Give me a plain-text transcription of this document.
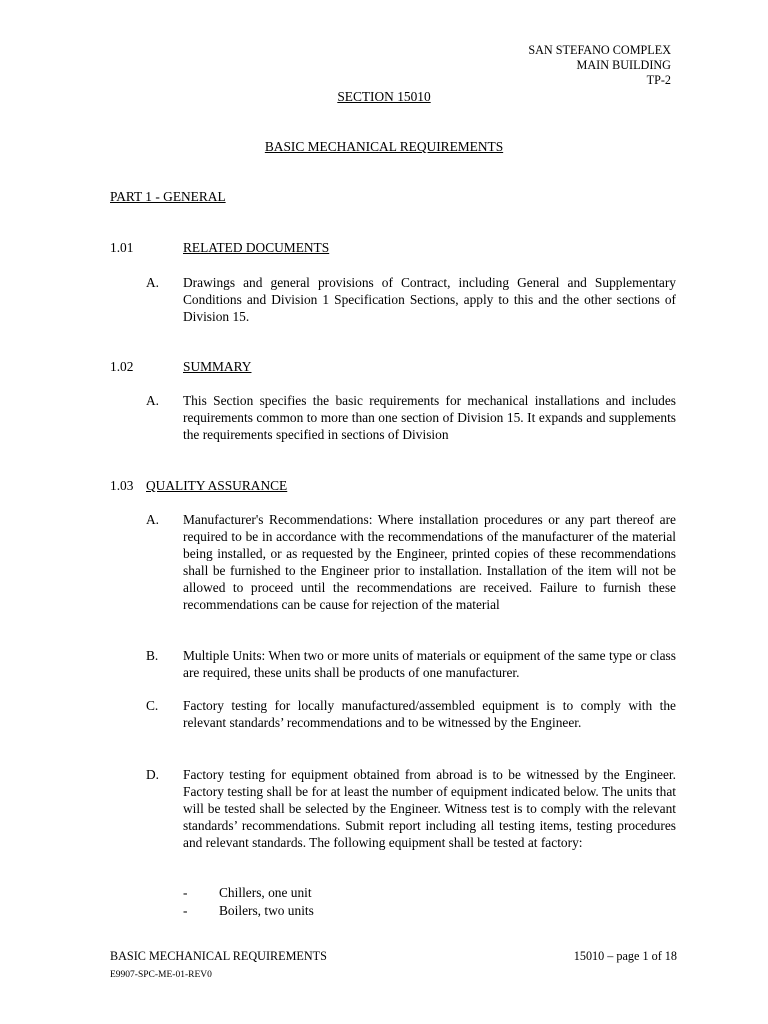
SAN STEFANO COMPLEX
MAIN BUILDING
TP-2
SECTION 15010
BASIC MECHANICAL REQUIREMENTS
PART 1 - GENERAL
1.01	RELATED DOCUMENTS
A. Drawings and general provisions of Contract, including General and Supplementary Conditions and Division 1 Specification Sections, apply to this and the other sections of Division 15.
1.02	SUMMARY
A. This Section specifies the basic requirements for mechanical installations and includes requirements common to more than one section of Division 15. It expands and supplements the requirements specified in sections of Division
1.03 QUALITY ASSURANCE
A. Manufacturer's Recommendations: Where installation procedures or any part thereof are required to be in accordance with the recommendations of the manufacturer of the material being installed, or as requested by the Engineer, printed copies of these recommendations shall be furnished to the Engineer prior to installation. Installation of the item will not be allowed to proceed until the recommendations are received. Failure to furnish these recommendations can be cause for rejection of the material
B. Multiple Units: When two or more units of materials or equipment of the same type or class are required, these units shall be products of one manufacturer.
C. Factory testing for locally manufactured/assembled equipment is to comply with the relevant standards’ recommendations and to be witnessed by the Engineer.
D. Factory testing for equipment obtained from abroad is to be witnessed by the Engineer. Factory testing shall be for at least the number of equipment indicated below. The units that will be tested shall be selected by the Engineer. Witness test is to comply with the relevant standards’ recommendations. Submit report including all testing items, testing procedures and relevant standards. The following equipment shall be tested at factory:
- Chillers, one unit
- Boilers, two units
BASIC MECHANICAL REQUIREMENTS	15010 – page 1 of 18
E9907-SPC-ME-01-REV0
